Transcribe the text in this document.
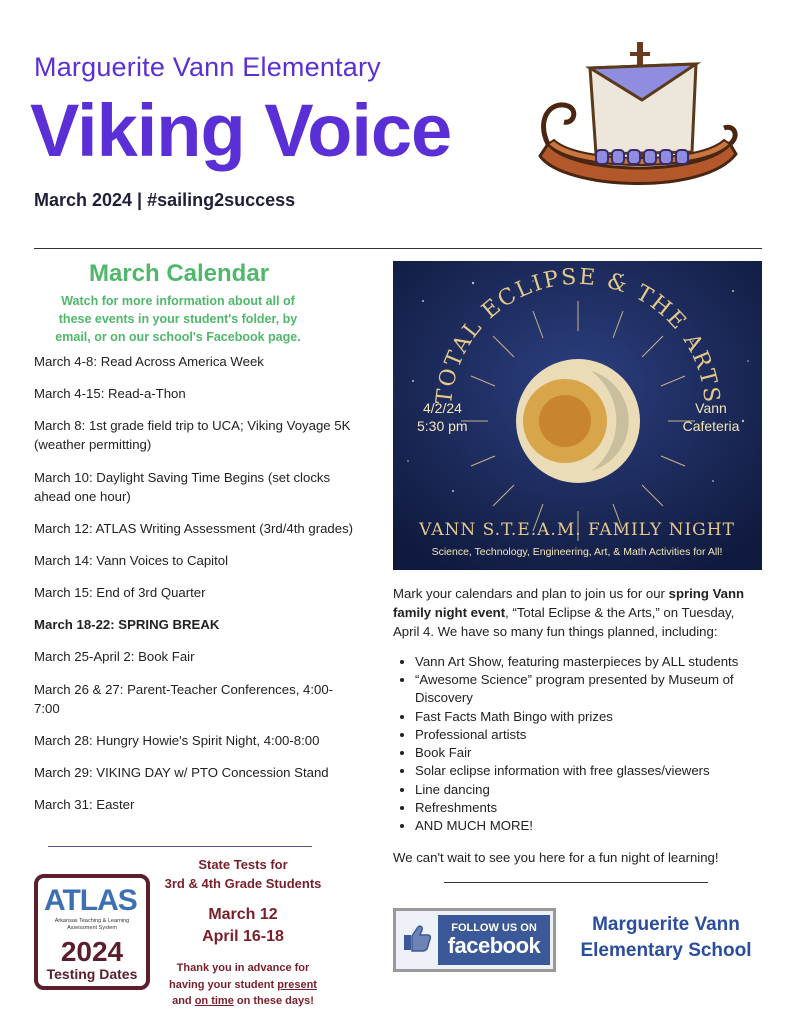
Marguerite Vann Elementary
Viking Voice
March 2024 | #sailing2success
March Calendar
Watch for more information about all of these events in your student's folder, by email, or on our school's Facebook page.
March 4-8: Read Across America Week
March 4-15: Read-a-Thon
March 8: 1st grade field trip to UCA; Viking Voyage 5K (weather permitting)
March 10: Daylight Saving Time Begins (set clocks ahead one hour)
March 12: ATLAS Writing Assessment (3rd/4th grades)
March 14: Vann Voices to Capitol
March 15: End of 3rd Quarter
March 18-22: SPRING BREAK
March 25-April 2: Book Fair
March 26 & 27: Parent-Teacher Conferences, 4:00-7:00
March 28: Hungry Howie's Spirit Night, 4:00-8:00
March 29: VIKING DAY w/ PTO Concession Stand
March 31: Easter
ATLAS
Arkansas Teaching & Learning Assessment System
2024
Testing Dates
State Tests for
3rd & 4th Grade Students
March 12
April 16-18
Thank you in advance for having your student present and on time on these days!
TOTAL ECLIPSE & THE ARTS
4/2/24
5:30 pm
Vann
Cafeteria
VANN S.T.E.A.M. FAMILY NIGHT
Science, Technology, Engineering, Art, & Math Activities for All!
Mark your calendars and plan to join us for our spring Vann family night event, “Total Eclipse & the Arts,” on Tuesday, April 4. We have so many fun things planned, including:
• Vann Art Show, featuring masterpieces by ALL students
• “Awesome Science” program presented by Museum of Discovery
• Fast Facts Math Bingo with prizes
• Professional artists
• Book Fair
• Solar eclipse information with free glasses/viewers
• Line dancing
• Refreshments
• AND MUCH MORE!
We can't wait to see you here for a fun night of learning!
FOLLOW US ON
facebook
Marguerite Vann
Elementary School
